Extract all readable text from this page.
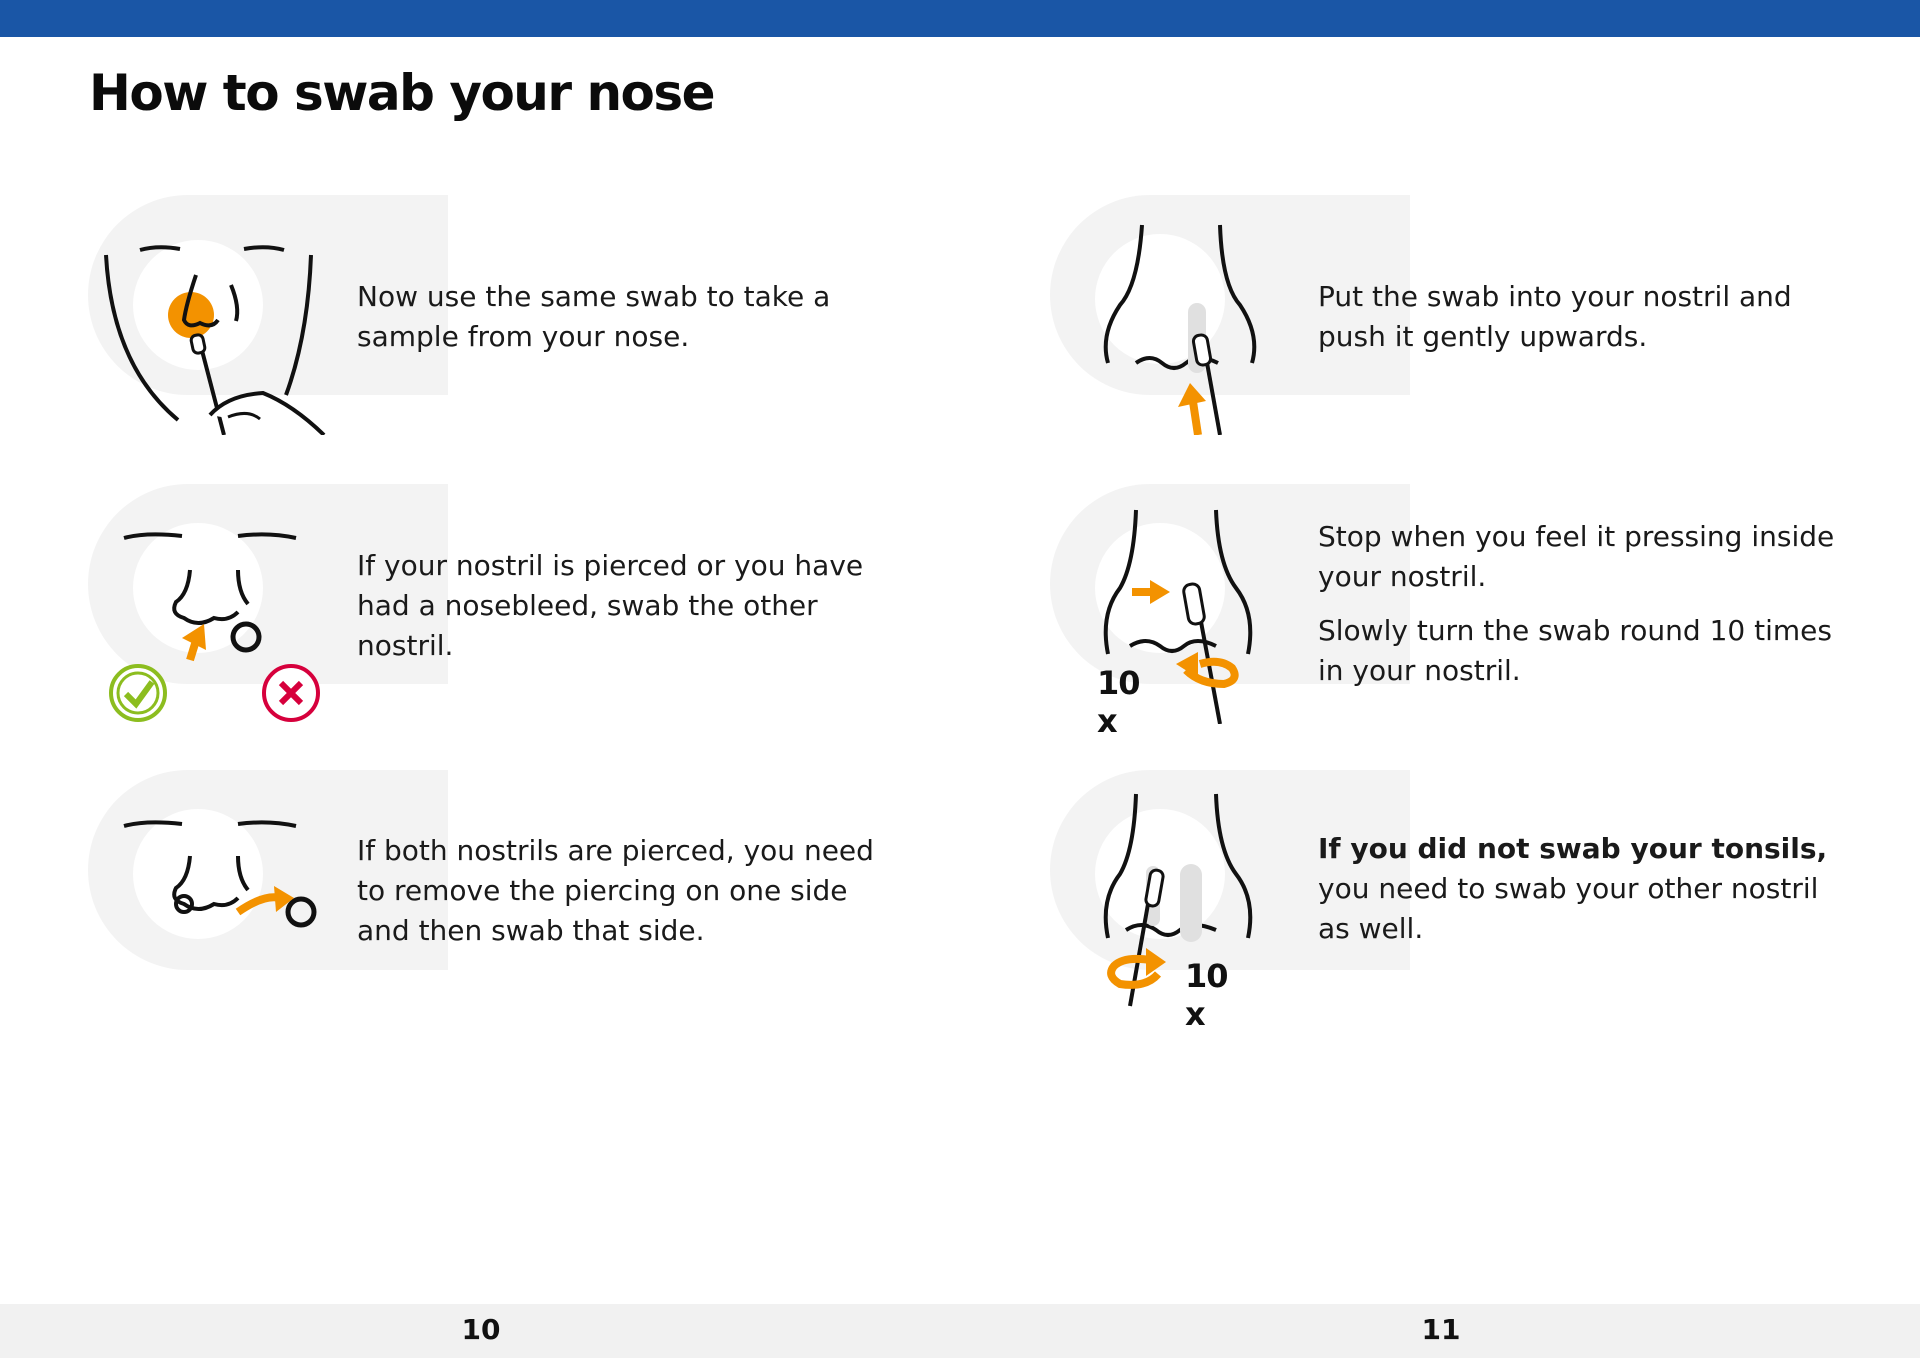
How to swab your nose

Now use the same swab to take a sample from your nose.

If your nostril is pierced or you have had a nosebleed, swab the other nostril.

If both nostrils are pierced, you need to remove the piercing on one side and then swab that side.

Put the swab into your nostril and push it gently upwards.

10 x

Stop when you feel it pressing inside your nostril.

Slowly turn the swab round 10 times in your nostril.

10 x

If you did not swab your tonsils, you need to swab your other nostril as well.

10	11
